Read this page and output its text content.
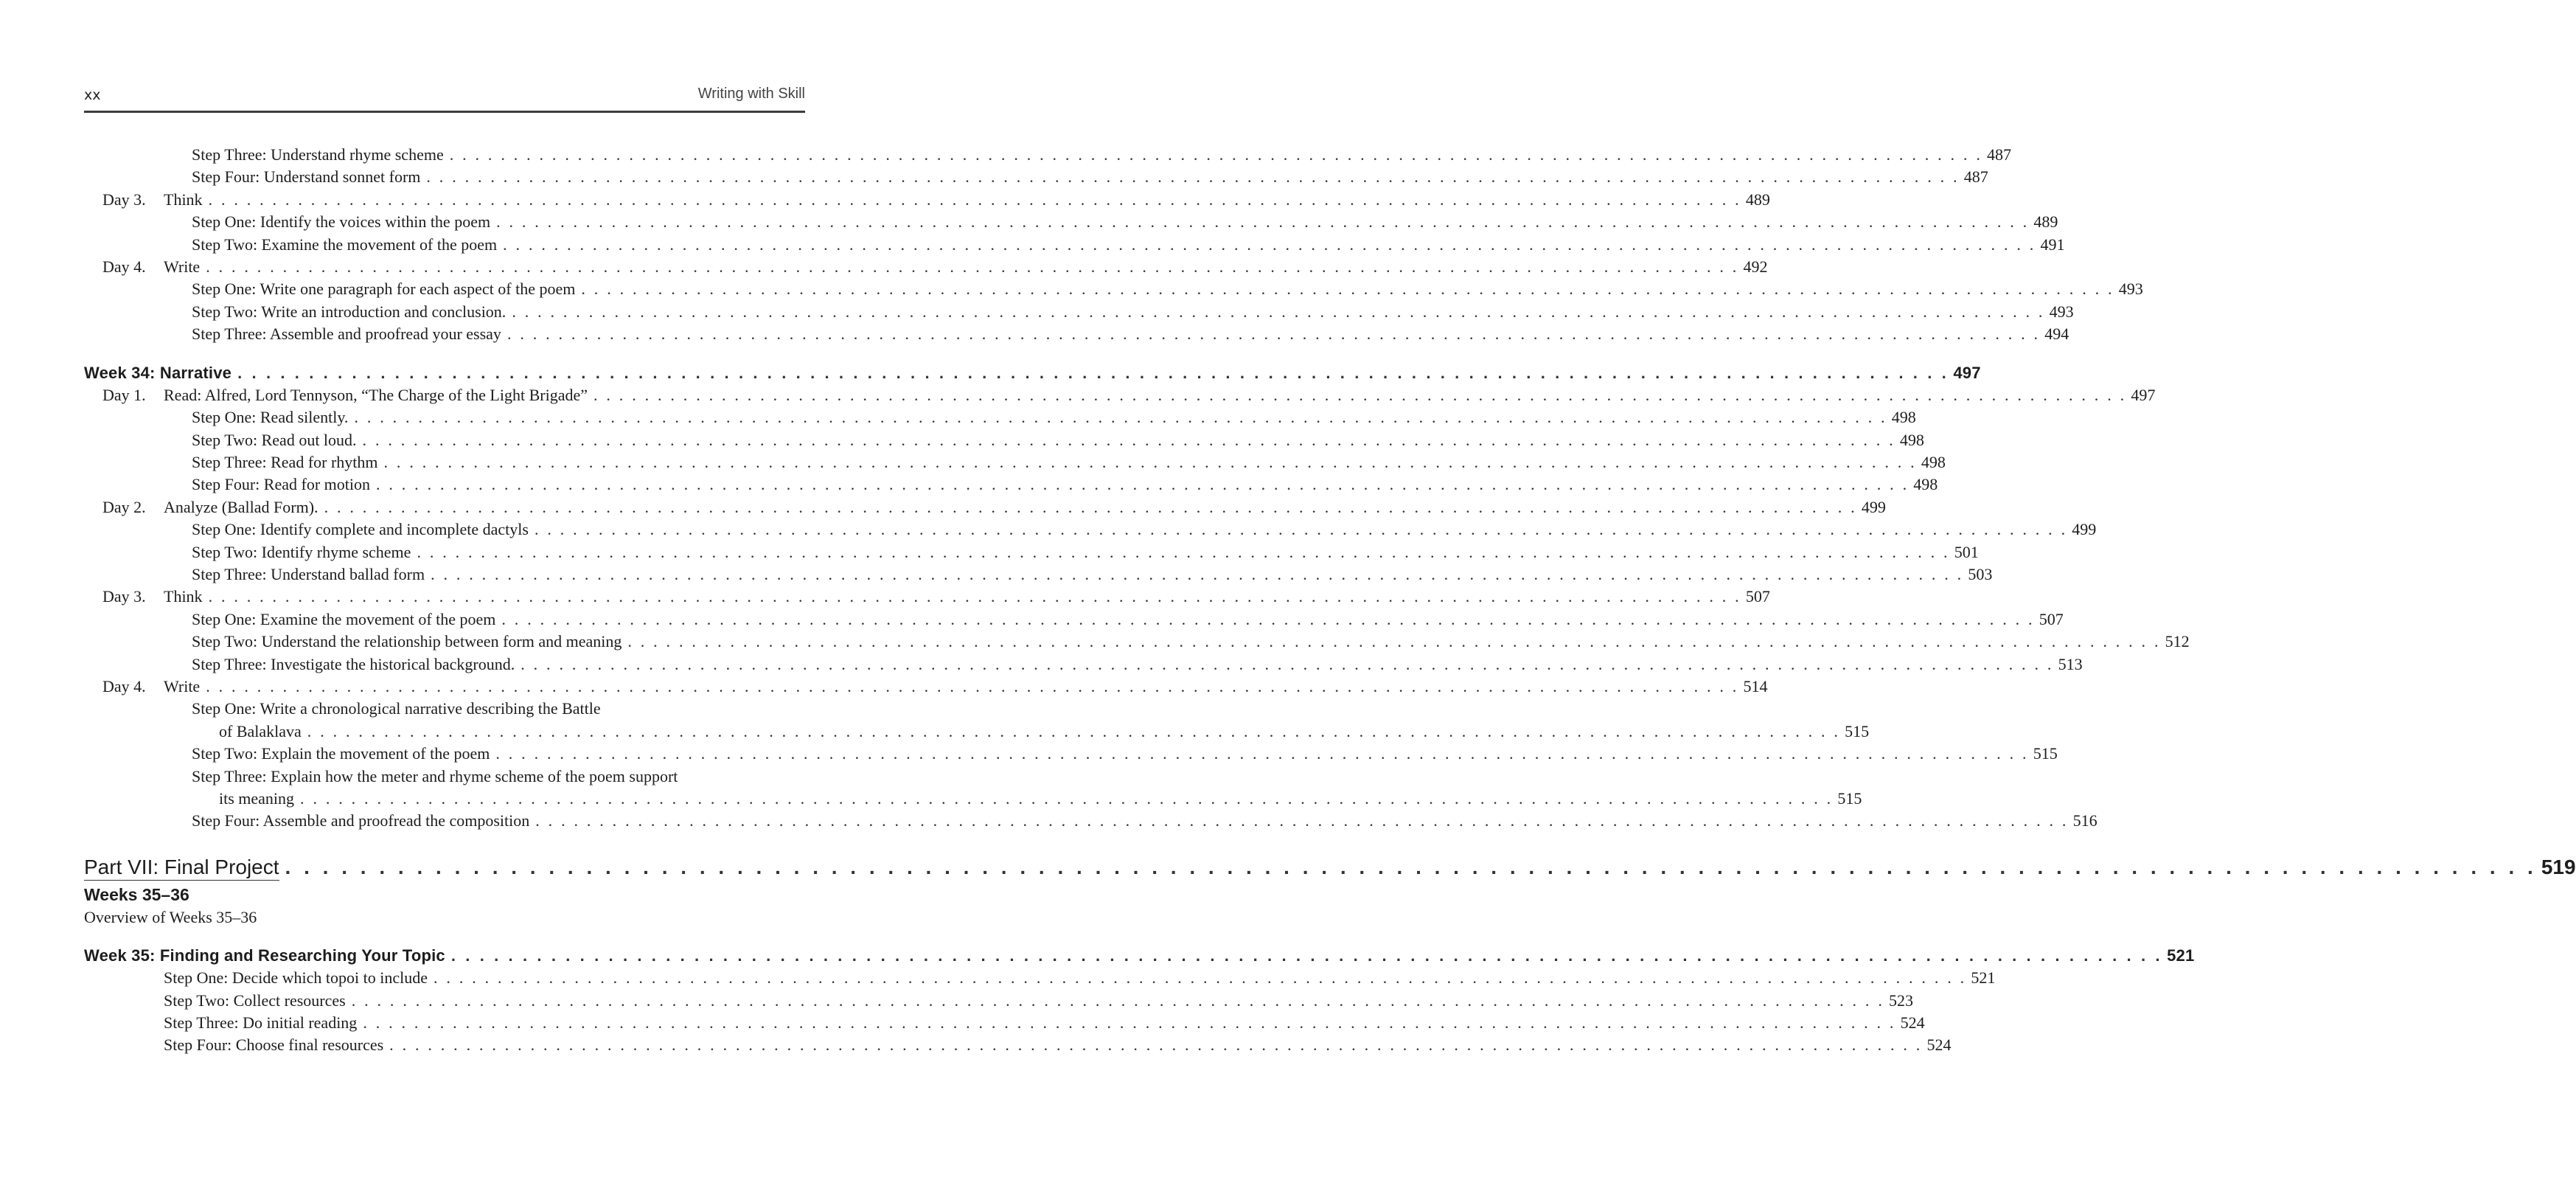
xx	Writing with Skill
Step Three: Understand rhyme scheme . . . . . . . . . . . . . . . . . . . . . . . . . . . . . . . . . . . . . . . . . . . . . . . . . . . . . . . . . . . . . . . . . . . . . . . . . . . . . . . . . . . . . . . . . . . . . . . . . . . . . . . . . . . . . . . . . . . . . . . . 487
Step Four: Understand sonnet form . . . . . . . . . . . . . . . . . . . . . . . . . . . . . . . . . . . . . . . . . . . . . . . . . . . . . . . . . . . . . . . . . . . . . . . . . . . . . . . . . . . . . . . . . . . . . . . . . . . . . . . . . . . . . . . . . . . . . . . . 487
Day 3.	Think . . . . . . . . . . . . . . . . . . . . . . . . . . . . . . . . . . . . . . . . . . . . . . . . . . . . . . . . . . . . . . . . . . . . . . . . . . . . . . . . . . . . . . . . . . . . . . . . . . . . . . . . . . . . . . . . . . . . . . . . 489
Step One: Identify the voices within the poem . . . . . . . . . . . . . . . . . . . . . . . . . . . . . . . . . . . . . . . . . . . . . . . . . . . . . . . . . . . . . . . . . . . . . . . . . . . . . . . . . . . . . . . . . . . . . . . . . . . . . . . . . . . . . . . . . . . . . . . . 489
Step Two: Examine the movement of the poem . . . . . . . . . . . . . . . . . . . . . . . . . . . . . . . . . . . . . . . . . . . . . . . . . . . . . . . . . . . . . . . . . . . . . . . . . . . . . . . . . . . . . . . . . . . . . . . . . . . . . . . . . . . . . . . . . . . . . . . . 491
Day 4.	Write . . . . . . . . . . . . . . . . . . . . . . . . . . . . . . . . . . . . . . . . . . . . . . . . . . . . . . . . . . . . . . . . . . . . . . . . . . . . . . . . . . . . . . . . . . . . . . . . . . . . . . . . . . . . . . . . . . . . . . . . 492
Step One: Write one paragraph for each aspect of the poem . . . . . . . . . . . . . . . . . . . . . . . . . . . . . . . . . . . . . . . . . . . . . . . . . . . . . . . . . . . . . . . . . . . . . . . . . . . . . . . . . . . . . . . . . . . . . . . . . . . . . . . . . . . . . . . . . . . . . . . . 493
Step Two: Write an introduction and conclusion. . . . . . . . . . . . . . . . . . . . . . . . . . . . . . . . . . . . . . . . . . . . . . . . . . . . . . . . . . . . . . . . . . . . . . . . . . . . . . . . . . . . . . . . . . . . . . . . . . . . . . . . . . . . . . . . . . . . . . . . . 493
Step Three: Assemble and proofread your essay . . . . . . . . . . . . . . . . . . . . . . . . . . . . . . . . . . . . . . . . . . . . . . . . . . . . . . . . . . . . . . . . . . . . . . . . . . . . . . . . . . . . . . . . . . . . . . . . . . . . . . . . . . . . . . . . . . . . . . . . 494
Week 34: Narrative . . . . . . . . . . . . . . . . . . . . . . . . . . . . . . . . . . . . . . . . . . . . . . . . . . . . . . . . . . . . . . . . . . . . . . . . . . . . . . . . . . . . . . . . . . . . . . . . . . . . . . . . . . . . . . . . . . . . . . . . 497
Day 1.	Read: Alfred, Lord Tennyson, “The Charge of the Light Brigade” . . . . . . . . . . . . . . . . . . . . . . . . . . . . . . . . . . . . . . . . . . . . . . . . . . . . . . . . . . . . . . . . . . . . . . . . . . . . . . . . . . . . . . . . . . . . . . . . . . . . . . . . . . . . . . . . . . . . . . . . 497
Step One: Read silently. . . . . . . . . . . . . . . . . . . . . . . . . . . . . . . . . . . . . . . . . . . . . . . . . . . . . . . . . . . . . . . . . . . . . . . . . . . . . . . . . . . . . . . . . . . . . . . . . . . . . . . . . . . . . . . . . . . . . . . . . 498
Step Two: Read out loud. . . . . . . . . . . . . . . . . . . . . . . . . . . . . . . . . . . . . . . . . . . . . . . . . . . . . . . . . . . . . . . . . . . . . . . . . . . . . . . . . . . . . . . . . . . . . . . . . . . . . . . . . . . . . . . . . . . . . . . . . 498
Step Three: Read for rhythm . . . . . . . . . . . . . . . . . . . . . . . . . . . . . . . . . . . . . . . . . . . . . . . . . . . . . . . . . . . . . . . . . . . . . . . . . . . . . . . . . . . . . . . . . . . . . . . . . . . . . . . . . . . . . . . . . . . . . . . . 498
Step Four: Read for motion . . . . . . . . . . . . . . . . . . . . . . . . . . . . . . . . . . . . . . . . . . . . . . . . . . . . . . . . . . . . . . . . . . . . . . . . . . . . . . . . . . . . . . . . . . . . . . . . . . . . . . . . . . . . . . . . . . . . . . . . 498
Day 2.	Analyze (Ballad Form). . . . . . . . . . . . . . . . . . . . . . . . . . . . . . . . . . . . . . . . . . . . . . . . . . . . . . . . . . . . . . . . . . . . . . . . . . . . . . . . . . . . . . . . . . . . . . . . . . . . . . . . . . . . . . . . . . . . . . . . . 499
Step One: Identify complete and incomplete dactyls . . . . . . . . . . . . . . . . . . . . . . . . . . . . . . . . . . . . . . . . . . . . . . . . . . . . . . . . . . . . . . . . . . . . . . . . . . . . . . . . . . . . . . . . . . . . . . . . . . . . . . . . . . . . . . . . . . . . . . . . 499
Step Two: Identify rhyme scheme . . . . . . . . . . . . . . . . . . . . . . . . . . . . . . . . . . . . . . . . . . . . . . . . . . . . . . . . . . . . . . . . . . . . . . . . . . . . . . . . . . . . . . . . . . . . . . . . . . . . . . . . . . . . . . . . . . . . . . . . 501
Step Three: Understand ballad form . . . . . . . . . . . . . . . . . . . . . . . . . . . . . . . . . . . . . . . . . . . . . . . . . . . . . . . . . . . . . . . . . . . . . . . . . . . . . . . . . . . . . . . . . . . . . . . . . . . . . . . . . . . . . . . . . . . . . . . . 503
Day 3.	Think . . . . . . . . . . . . . . . . . . . . . . . . . . . . . . . . . . . . . . . . . . . . . . . . . . . . . . . . . . . . . . . . . . . . . . . . . . . . . . . . . . . . . . . . . . . . . . . . . . . . . . . . . . . . . . . . . . . . . . . . 507
Step One: Examine the movement of the poem . . . . . . . . . . . . . . . . . . . . . . . . . . . . . . . . . . . . . . . . . . . . . . . . . . . . . . . . . . . . . . . . . . . . . . . . . . . . . . . . . . . . . . . . . . . . . . . . . . . . . . . . . . . . . . . . . . . . . . . . 507
Step Two: Understand the relationship between form and meaning . . . . . . . . . . . . . . . . . . . . . . . . . . . . . . . . . . . . . . . . . . . . . . . . . . . . . . . . . . . . . . . . . . . . . . . . . . . . . . . . . . . . . . . . . . . . . . . . . . . . . . . . . . . . . . . . . . . . . . . . 512
Step Three: Investigate the historical background. . . . . . . . . . . . . . . . . . . . . . . . . . . . . . . . . . . . . . . . . . . . . . . . . . . . . . . . . . . . . . . . . . . . . . . . . . . . . . . . . . . . . . . . . . . . . . . . . . . . . . . . . . . . . . . . . . . . . . . . . 513
Day 4.	Write . . . . . . . . . . . . . . . . . . . . . . . . . . . . . . . . . . . . . . . . . . . . . . . . . . . . . . . . . . . . . . . . . . . . . . . . . . . . . . . . . . . . . . . . . . . . . . . . . . . . . . . . . . . . . . . . . . . . . . . . 514
Step One: Write a chronological narrative describing the Battle
of Balaklava . . . . . . . . . . . . . . . . . . . . . . . . . . . . . . . . . . . . . . . . . . . . . . . . . . . . . . . . . . . . . . . . . . . . . . . . . . . . . . . . . . . . . . . . . . . . . . . . . . . . . . . . . . . . . . . . . . . . . . . . 515
Step Two: Explain the movement of the poem . . . . . . . . . . . . . . . . . . . . . . . . . . . . . . . . . . . . . . . . . . . . . . . . . . . . . . . . . . . . . . . . . . . . . . . . . . . . . . . . . . . . . . . . . . . . . . . . . . . . . . . . . . . . . . . . . . . . . . . . 515
Step Three: Explain how the meter and rhyme scheme of the poem support
its meaning . . . . . . . . . . . . . . . . . . . . . . . . . . . . . . . . . . . . . . . . . . . . . . . . . . . . . . . . . . . . . . . . . . . . . . . . . . . . . . . . . . . . . . . . . . . . . . . . . . . . . . . . . . . . . . . . . . . . . . . . 515
Step Four: Assemble and proofread the composition . . . . . . . . . . . . . . . . . . . . . . . . . . . . . . . . . . . . . . . . . . . . . . . . . . . . . . . . . . . . . . . . . . . . . . . . . . . . . . . . . . . . . . . . . . . . . . . . . . . . . . . . . . . . . . . . . . . . . . . . 516
Part VII: Final Project . . . . . . . . . . . . . . . . . . . . . . . . . . . . . . . . . . . . . . . . . . . . . . . . . . . . . . . . . . . . . . . . . . . . . . . . . . . . . . . . . . . . . . . . . . . . . . . . . . . . . . . . . . . . . . . . . . . . . . . . 519
Weeks 35–36
Overview of Weeks 35–36
Week 35: Finding and Researching Your Topic . . . . . . . . . . . . . . . . . . . . . . . . . . . . . . . . . . . . . . . . . . . . . . . . . . . . . . . . . . . . . . . . . . . . . . . . . . . . . . . . . . . . . . . . . . . . . . . . . . . . . . . . . . . . . . . . . . . . . . . . 521
Step One: Decide which topoi to include . . . . . . . . . . . . . . . . . . . . . . . . . . . . . . . . . . . . . . . . . . . . . . . . . . . . . . . . . . . . . . . . . . . . . . . . . . . . . . . . . . . . . . . . . . . . . . . . . . . . . . . . . . . . . . . . . . . . . . . . 521
Step Two: Collect resources . . . . . . . . . . . . . . . . . . . . . . . . . . . . . . . . . . . . . . . . . . . . . . . . . . . . . . . . . . . . . . . . . . . . . . . . . . . . . . . . . . . . . . . . . . . . . . . . . . . . . . . . . . . . . . . . . . . . . . . . 523
Step Three: Do initial reading . . . . . . . . . . . . . . . . . . . . . . . . . . . . . . . . . . . . . . . . . . . . . . . . . . . . . . . . . . . . . . . . . . . . . . . . . . . . . . . . . . . . . . . . . . . . . . . . . . . . . . . . . . . . . . . . . . . . . . . . 524
Step Four: Choose final resources . . . . . . . . . . . . . . . . . . . . . . . . . . . . . . . . . . . . . . . . . . . . . . . . . . . . . . . . . . . . . . . . . . . . . . . . . . . . . . . . . . . . . . . . . . . . . . . . . . . . . . . . . . . . . . . . . . . . . . . . 524
